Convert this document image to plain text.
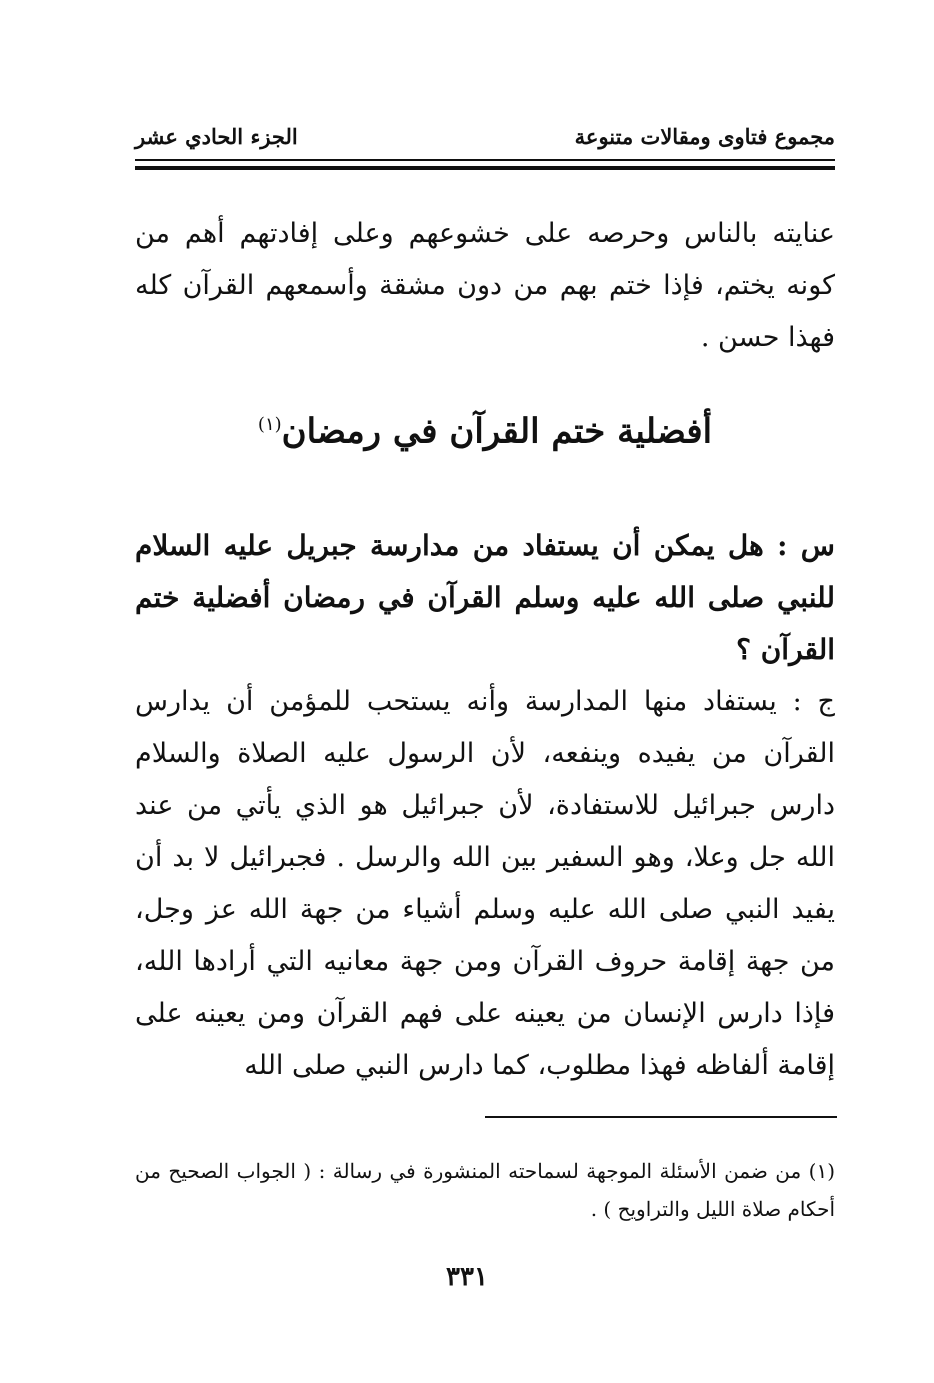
مجموع فتاوى ومقالات متنوعة
الجزء الحادي عشر

عنايته بالناس وحرصه على خشوعهم وعلى إفادتهم أهم من كونه يختم، فإذا ختم بهم من دون مشقة وأسمعهم القرآن كله فهذا حسن .

أفضلية ختم القرآن في رمضان$^{(١)}$

س : هل يمكن أن يستفاد من مدارسة جبريل عليه السلام للنبي صلى الله عليه وسلم القرآن في رمضان أفضلية ختم القرآن ؟

ج : يستفاد منها المدارسة وأنه يستحب للمؤمن أن يدارس القرآن من يفيده وينفعه، لأن الرسول عليه الصلاة والسلام دارس جبرائيل للاستفادة، لأن جبرائيل هو الذي يأتي من عند الله جل وعلا، وهو السفير بين الله والرسل . فجبرائيل لا بد أن يفيد النبي صلى الله عليه وسلم أشياء من جهة الله عز وجل، من جهة إقامة حروف القرآن ومن جهة معانيه التي أرادها الله، فإذا دارس الإنسان من يعينه على فهم القرآن ومن يعينه على إقامة ألفاظه فهذا مطلوب، كما دارس النبي صلى الله

(١) من ضمن الأسئلة الموجهة لسماحته المنشورة في رسالة : ( الجواب الصحيح من أحكام صلاة الليل والتراويح ) .

٣٣١
